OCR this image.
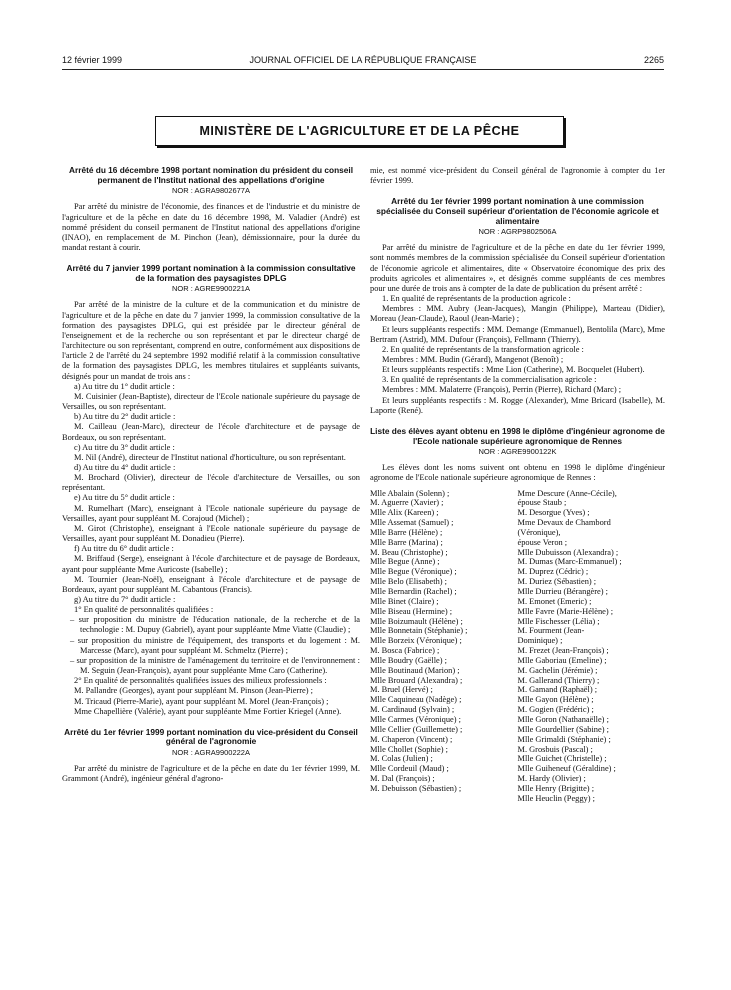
12 février 1999	JOURNAL OFFICIEL DE LA RÉPUBLIQUE FRANÇAISE	2265
MINISTÈRE DE L'AGRICULTURE ET DE LA PÊCHE

Arrêté du 16 décembre 1998 portant nomination du président du conseil permanent de l'Institut national des appellations d'origine

NOR : AGRA9802677A

Par arrêté du ministre de l'économie, des finances et de l'industrie et du ministre de l'agriculture et de la pêche en date du 16 décembre 1998, M. Valadier (André) est nommé président du conseil permanent de l'Institut national des appellations d'origine (INAO), en remplacement de M. Pinchon (Jean), démissionnaire, pour la durée du mandat restant à courir.

Arrêté du 7 janvier 1999 portant nomination à la commission consultative de la formation des paysagistes DPLG

NOR : AGRE9900221A

Par arrêté de la ministre de la culture et de la communication et du ministre de l'agriculture et de la pêche en date du 7 janvier 1999, la commission consultative de la formation des paysagistes DPLG, qui est présidée par le directeur général de l'enseignement et de la recherche ou son représentant et par le directeur chargé de l'architecture ou son représentant, comprend en outre, conformément aux dispositions de l'article 2 de l'arrêté du 24 septembre 1992 modifié relatif à la commission consultative de la formation des paysagistes DPLG, les membres titulaires et suppléants suivants, désignés pour un mandat de trois ans :

a) Au titre du 1° dudit article :

M. Cuisinier (Jean-Baptiste), directeur de l'Ecole nationale supérieure du paysage de Versailles, ou son représentant.

b) Au titre du 2° dudit article :

M. Cailleau (Jean-Marc), directeur de l'école d'architecture et de paysage de Bordeaux, ou son représentant.

c) Au titre du 3° dudit article :

M. Nil (André), directeur de l'Institut national d'horticulture, ou son représentant.

d) Au titre du 4° dudit article :

M. Brochard (Olivier), directeur de l'école d'architecture de Versailles, ou son représentant.

e) Au titre du 5° dudit article :

M. Rumelhart (Marc), enseignant à l'Ecole nationale supérieure du paysage de Versailles, ayant pour suppléant M. Corajoud (Michel) ;

M. Girot (Christophe), enseignant à l'Ecole nationale supérieure du paysage de Versailles, ayant pour suppléant M. Donadieu (Pierre).

f) Au titre du 6° dudit article :

M. Briffaud (Serge), enseignant à l'école d'architecture et de paysage de Bordeaux, ayant pour suppléante Mme Auricoste (Isabelle) ;

M. Tournier (Jean-Noël), enseignant à l'école d'architecture et de paysage de Bordeaux, ayant pour suppléant M. Cabantous (Francis).

g) Au titre du 7° dudit article :

1° En qualité de personnalités qualifiées :

– sur proposition du ministre de l'éducation nationale, de la recherche et de la technologie : M. Dupuy (Gabriel), ayant pour suppléante Mme Viatte (Claudie) ;

– sur proposition du ministre de l'équipement, des transports et du logement : M. Marcesse (Marc), ayant pour suppléant M. Schmeltz (Pierre) ;

– sur proposition de la ministre de l'aménagement du territoire et de l'environnement : M. Seguin (Jean-François), ayant pour suppléante Mme Caro (Catherine).

2° En qualité de personnalités qualifiées issues des milieux professionnels :

M. Pallandre (Georges), ayant pour suppléant M. Pinson (Jean-Pierre) ;

M. Tricaud (Pierre-Marie), ayant pour suppléant M. Morel (Jean-François) ;

Mme Chapellière (Valérie), ayant pour suppléante Mme Fortier Kriegel (Anne).

Arrêté du 1er février 1999 portant nomination du vice-président du Conseil général de l'agronomie

NOR : AGRA9900222A

Par arrêté du ministre de l'agriculture et de la pêche en date du 1er février 1999, M. Grammont (André), ingénieur général d'agrono-

mie, est nommé vice-président du Conseil général de l'agronomie à compter du 1er février 1999.

Arrêté du 1er février 1999 portant nomination à une commission spécialisée du Conseil supérieur d'orientation de l'économie agricole et alimentaire

NOR : AGRP9802506A

Par arrêté du ministre de l'agriculture et de la pêche en date du 1er février 1999, sont nommés membres de la commission spécialisée du Conseil supérieur d'orientation de l'économie agricole et alimentaires, dite « Observatoire économique des prix des produits agricoles et alimentaires », et désignés comme suppléants de ces membres pour une durée de trois ans à compter de la date de publication du présent arrêté :

1. En qualité de représentants de la production agricole :

Membres : MM. Aubry (Jean-Jacques), Mangin (Philippe), Marteau (Didier), Moreau (Jean-Claude), Raoul (Jean-Marie) ;

Et leurs suppléants respectifs : MM. Demange (Emmanuel), Bentolila (Marc), Mme Bertram (Astrid), MM. Dufour (François), Fellmann (Thierry).

2. En qualité de représentants de la transformation agricole :

Membres : MM. Budin (Gérard), Mangenot (Benoît) ;

Et leurs suppléants respectifs : Mme Lion (Catherine), M. Bocquelet (Hubert).

3. En qualité de représentants de la commercialisation agricole :

Membres : MM. Malaterre (François), Perrin (Pierre), Richard (Marc) ;

Et leurs suppléants respectifs : M. Rogge (Alexander), Mme Bricard (Isabelle), M. Laporte (René).

Liste des élèves ayant obtenu en 1998 le diplôme d'ingénieur agronome de l'Ecole nationale supérieure agronomique de Rennes

NOR : AGRE9900122K

Les élèves dont les noms suivent ont obtenu en 1998 le diplôme d'ingénieur agronome de l'Ecole nationale supérieure agronomique de Rennes :

Mlle Abalain (Solenn) ;

M. Aguerre (Xavier) ;

Mlle Alix (Kareen) ;

Mlle Assemat (Samuel) ;

Mlle Barre (Hélène) ;

Mlle Barre (Marina) ;

M. Beau (Christophe) ;

Mlle Begue (Anne) ;

Mlle Begue (Véronique) ;

Mlle Belo (Elisabeth) ;

Mlle Bernardin (Rachel) ;

Mlle Binet (Claire) ;

Mlle Biseau (Hermine) ;

Mlle Boizumault (Hélène) ;

Mlle Bonnetain (Stéphanie) ;

Mlle Borzeix (Véronique) ;

M. Bosca (Fabrice) ;

Mlle Boudry (Gaëlle) ;

Mlle Boutinaud (Marion) ;

Mlle Brouard (Alexandra) ;

M. Bruel (Hervé) ;

Mlle Caquineau (Nadège) ;

M. Cardinaud (Sylvain) ;

Mlle Carmes (Véronique) ;

Mlle Cellier (Guillemette) ;

M. Chaperon (Vincent) ;

Mlle Chollet (Sophie) ;

M. Colas (Julien) ;

Mlle Cordeuil (Maud) ;

M. Dal (François) ;

M. Debuisson (Sébastien) ;

Mme Descure (Anne-Cécile),

épouse Staub ;

M. Desorgue (Yves) ;

Mme Devaux de Chambord

(Véronique),

épouse Veron ;

Mlle Dubuisson (Alexandra) ;

M. Dumas (Marc-Emmanuel) ;

M. Duprez (Cédric) ;

M. Duriez (Sébastien) ;

Mlle Durrieu (Bérangère) ;

M. Emonet (Emeric) ;

Mlle Favre (Marie-Hélène) ;

Mlle Fischesser (Lélia) ;

M. Fourment (Jean-

Dominique) ;

M. Frezet (Jean-François) ;

Mlle Gaboriau (Emeline) ;

M. Gachelin (Jérémie) ;

M. Gallerand (Thierry) ;

M. Gamand (Raphaël) ;

Mlle Gayon (Hélène) ;

M. Gogien (Frédéric) ;

Mlle Goron (Nathanaëlle) ;

Mlle Gourdellier (Sabine) ;

Mlle Grimaldi (Stéphanie) ;

M. Grosbuis (Pascal) ;

Mlle Guichet (Christelle) ;

Mlle Guiheneuf (Géraldine) ;

M. Hardy (Olivier) ;

Mlle Henry (Brigitte) ;

Mlle Heuclin (Peggy) ;
